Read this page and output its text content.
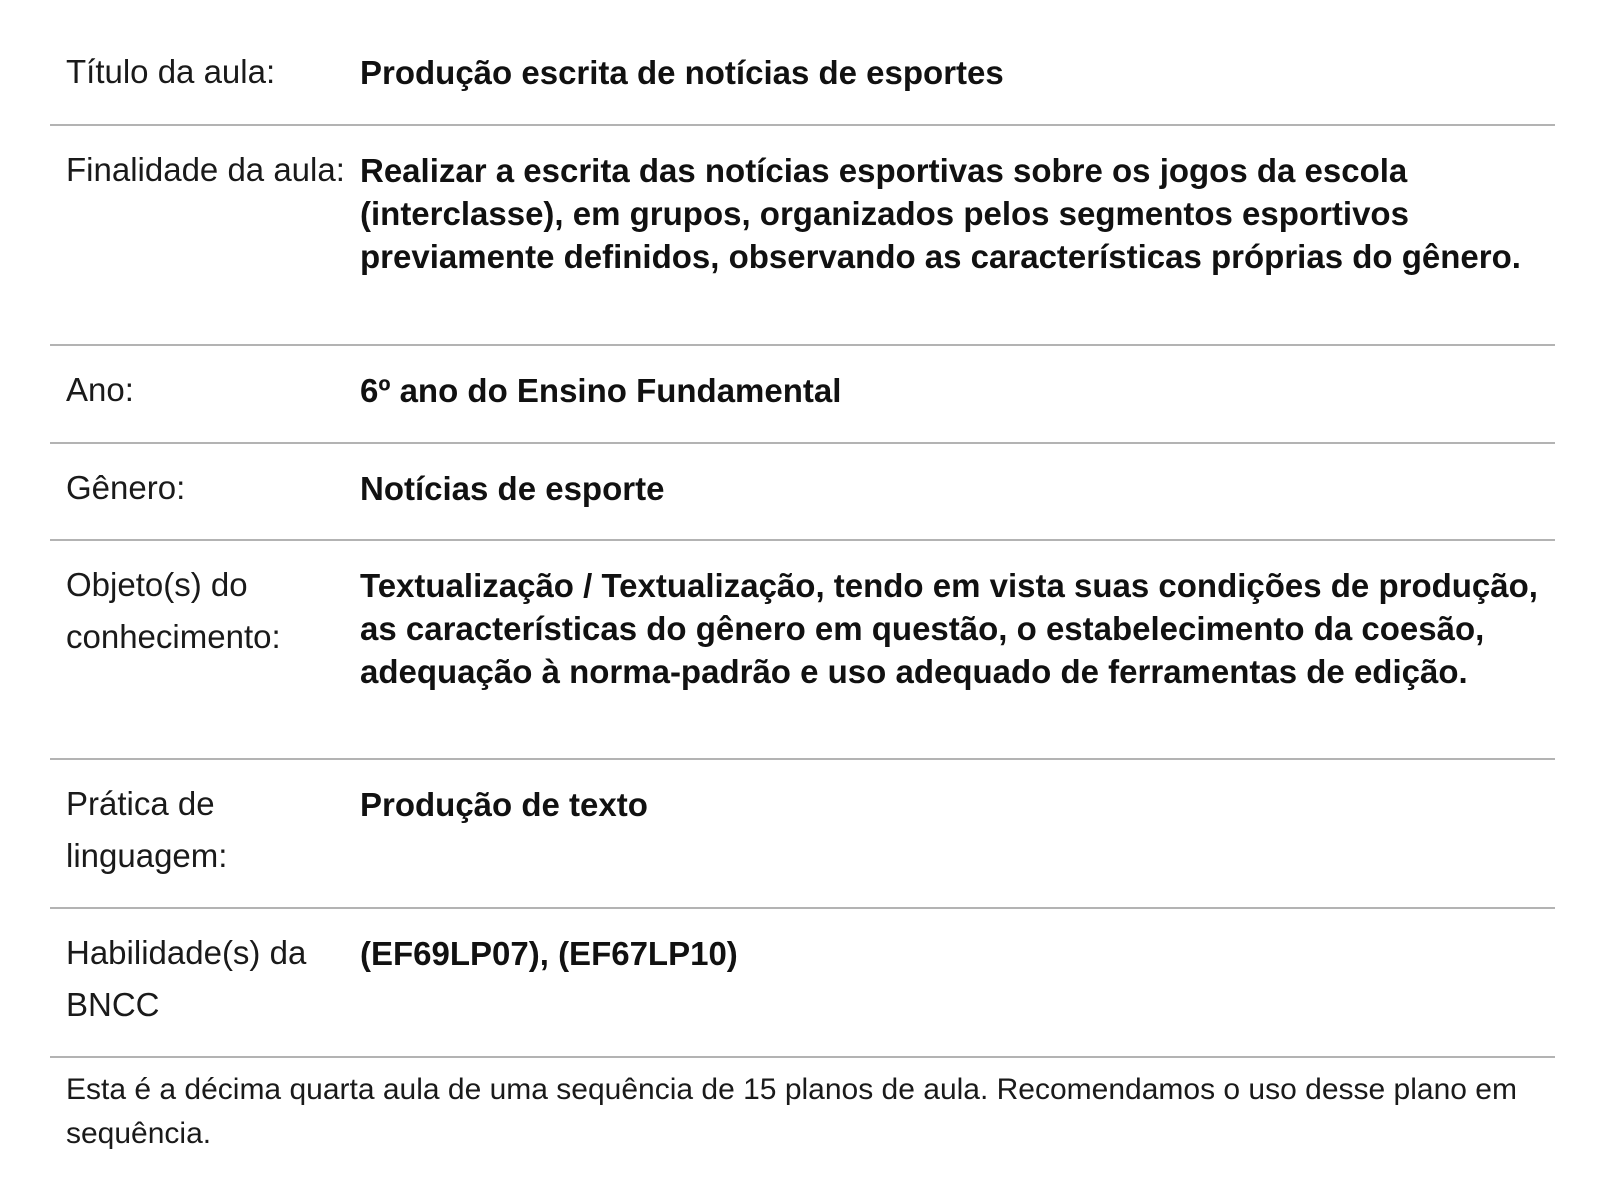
Título da aula:	Produção escrita de notícias de esportes
Finalidade da aula: Realizar a escrita das notícias esportivas sobre os jogos da escola (interclasse), em grupos, organizados pelos segmentos esportivos previamente definidos, observando as características próprias do gênero.
Ano:	6º ano do Ensino Fundamental
Gênero:	Notícias de esporte
Objeto(s) do conhecimento:
Textualização / Textualização, tendo em vista suas condições de produção, as características do gênero em questão, o estabelecimento da coesão, adequação à norma-padrão e uso adequado de ferramentas de edição.
Prática de linguagem:
Produção de texto
Habilidade(s) da BNCC
(EF69LP07), (EF67LP10)
Esta é a décima quarta aula de uma sequência de 15 planos de aula. Recomendamos o uso desse plano em sequência.
